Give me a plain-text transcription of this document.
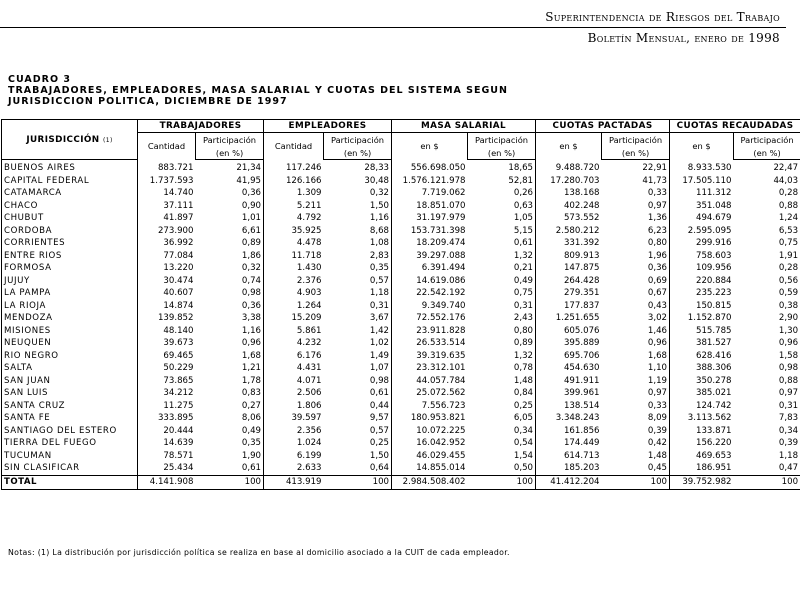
Superintendencia de Riesgos del Trabajo
Boletín Mensual, enero de 1998
CUADRO 3
TRABAJADORES, EMPLEADORES, MASA SALARIAL Y CUOTAS DEL SISTEMA SEGUN
JURISDICCION POLITICA, DICIEMBRE DE 1997
JURISDICCIÓN (1)	TRABAJADORES		EMPLEADORES		MASA SALARIAL		CUOTAS PACTADAS		CUOTAS RECAUDADAS	
	Cantidad	Participación	Cantidad	Participación	en $	Participación	en $	Participación	en $	Participación
		(en %)		(en %)		(en %)		(en %)		(en %)
BUENOS AIRES	883.721	21,34	117.246	28,33	556.698.050	18,65	9.488.720	22,91	8.933.530	22,47
CAPITAL FEDERAL	1.737.593	41,95	126.166	30,48	1.576.121.978	52,81	17.280.703	41,73	17.505.110	44,03
CATAMARCA	14.740	0,36	1.309	0,32	7.719.062	0,26	138.168	0,33	111.312	0,28
CHACO	37.111	0,90	5.211	1,50	18.851.070	0,63	402.248	0,97	351.048	0,88
CHUBUT	41.897	1,01	4.792	1,16	31.197.979	1,05	573.552	1,36	494.679	1,24
CORDOBA	273.900	6,61	35.925	8,68	153.731.398	5,15	2.580.212	6,23	2.595.095	6,53
CORRIENTES	36.992	0,89	4.478	1,08	18.209.474	0,61	331.392	0,80	299.916	0,75
ENTRE RIOS	77.084	1,86	11.718	2,83	39.297.088	1,32	809.913	1,96	758.603	1,91
FORMOSA	13.220	0,32	1.430	0,35	6.391.494	0,21	147.875	0,36	109.956	0,28
JUJUY	30.474	0,74	2.376	0,57	14.619.086	0,49	264.428	0,69	220.884	0,56
LA PAMPA	40.607	0,98	4.903	1,18	22.542.192	0,75	279.351	0,67	235.223	0,59
LA RIOJA	14.874	0,36	1.264	0,31	9.349.740	0,31	177.837	0,43	150.815	0,38
MENDOZA	139.852	3,38	15.209	3,67	72.552.176	2,43	1.251.655	3,02	1.152.870	2,90
MISIONES	48.140	1,16	5.861	1,42	23.911.828	0,80	605.076	1,46	515.785	1,30
NEUQUEN	39.673	0,96	4.232	1,02	26.533.514	0,89	395.889	0,96	381.527	0,96
RIO NEGRO	69.465	1,68	6.176	1,49	39.319.635	1,32	695.706	1,68	628.416	1,58
SALTA	50.229	1,21	4.431	1,07	23.312.101	0,78	454.630	1,10	388.306	0,98
SAN JUAN	73.865	1,78	4.071	0,98	44.057.784	1,48	491.911	1,19	350.278	0,88
SAN LUIS	34.212	0,83	2.506	0,61	25.072.562	0,84	399.961	0,97	385.021	0,97
SANTA CRUZ	11.275	0,27	1.806	0,44	7.556.723	0,25	138.514	0,33	124.742	0,31
SANTA FE	333.895	8,06	39.597	9,57	180.953.821	6,05	3.348.243	8,09	3.113.562	7,83
SANTIAGO DEL ESTERO	20.444	0,49	2.356	0,57	10.072.225	0,34	161.856	0,39	133.871	0,34
TIERRA DEL FUEGO	14.639	0,35	1.024	0,25	16.042.952	0,54	174.449	0,42	156.220	0,39
TUCUMAN	78.571	1,90	6.199	1,50	46.029.455	1,54	614.713	1,48	469.653	1,18
SIN CLASIFICAR	25.434	0,61	2.633	0,64	14.855.014	0,50	185.203	0,45	186.951	0,47
TOTAL	4.141.908	100	413.919	100	2.984.508.402	100	41.412.204	100	39.752.982	100
Notas: (1) La distribución por jurisdicción política se realiza en base al domicilio asociado a la CUIT de cada empleador.
